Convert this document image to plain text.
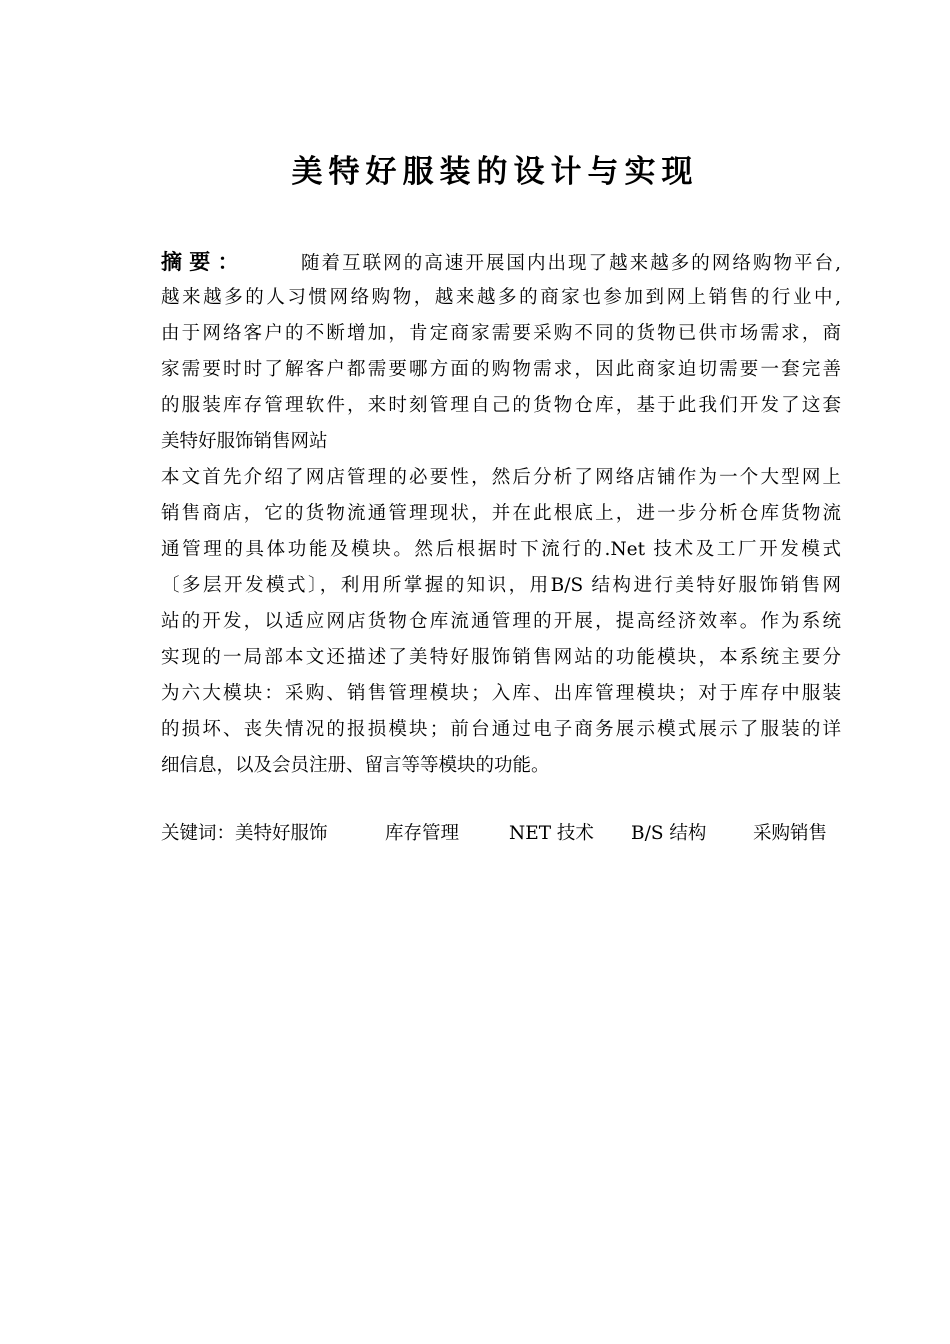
美特好服装的设计与实现
摘 要 ：	随着互联网的高速开展国内出现了越来越多的网络购物平台,
越来越多的人习惯网络购物，越来越多的商家也参加到网上销售的行业中,
由于网络客户的不断增加，肯定商家需要采购不同的货物已供市场需求，商
家需要时时了解客户都需要哪方面的购物需求，因此商家迫切需要一套完善
的服装库存管理软件，来时刻管理自己的货物仓库，基于此我们开发了这套
美特好服饰销售网站
本文首先介绍了网店管理的必要性，然后分析了网络店铺作为一个大型网上
销售商店，它的货物流通管理现状，并在此根底上，进一步分析仓库货物流
通管理的具体功能及模块。然后根据时下流行的.Net 技术及工厂开发模式
〔多层开发模式〕，利用所掌握的知识，用B/S 结构进行美特好服饰销售网
站的开发，以适应网店货物仓库流通管理的开展，提高经济效率。作为系统
实现的一局部本文还描述了美特好服饰销售网站的功能模块，本系统主要分
为六大模块：采购、销售管理模块；入库、出库管理模块；对于库存中服装
的损坏、丧失情况的报损模块；前台通过电子商务展示模式展示了服装的详
细信息，以及会员注册、留言等等模块的功能。
关键词：美特好服饰	库存管理	NET 技术 B/S 结构	采购销售
